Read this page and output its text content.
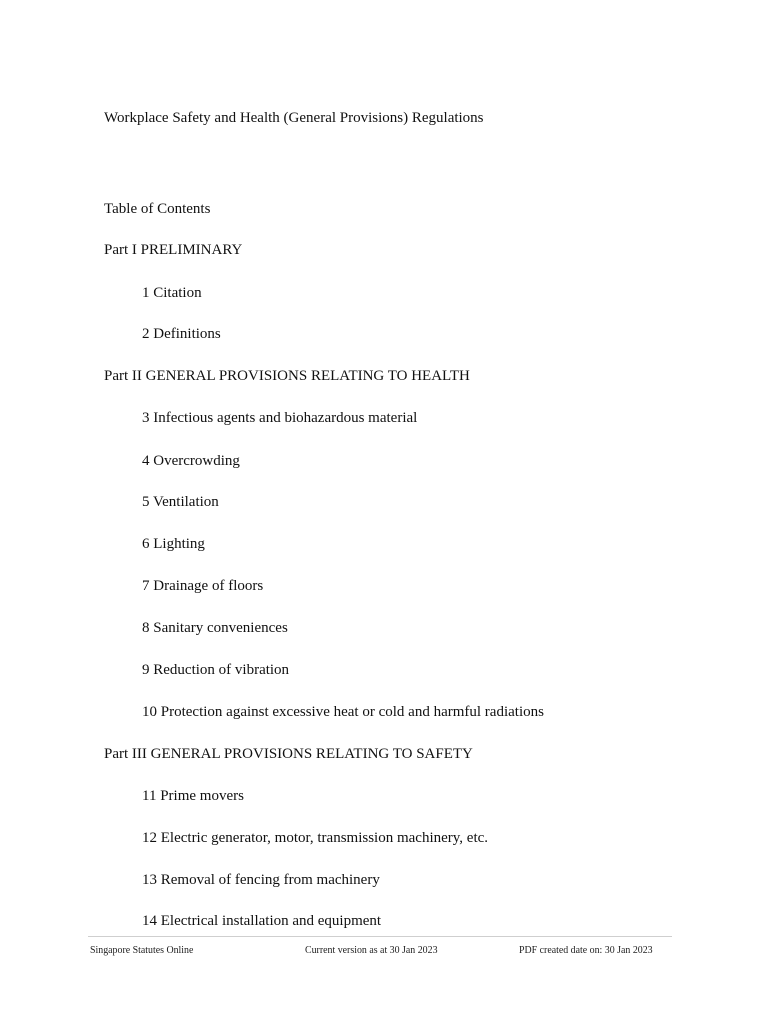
Workplace Safety and Health (General Provisions) Regulations
Table of Contents
Part I PRELIMINARY
1 Citation
2 Definitions
Part II GENERAL PROVISIONS RELATING TO HEALTH
3 Infectious agents and biohazardous material
4 Overcrowding
5 Ventilation
6 Lighting
7 Drainage of floors
8 Sanitary conveniences
9 Reduction of vibration
10 Protection against excessive heat or cold and harmful radiations
Part III GENERAL PROVISIONS RELATING TO SAFETY
11 Prime movers
12 Electric generator, motor, transmission machinery, etc.
13 Removal of fencing from machinery
14 Electrical installation and equipment
Singapore Statutes Online	Current version as at 30 Jan 2023	PDF created date on: 30 Jan 2023
